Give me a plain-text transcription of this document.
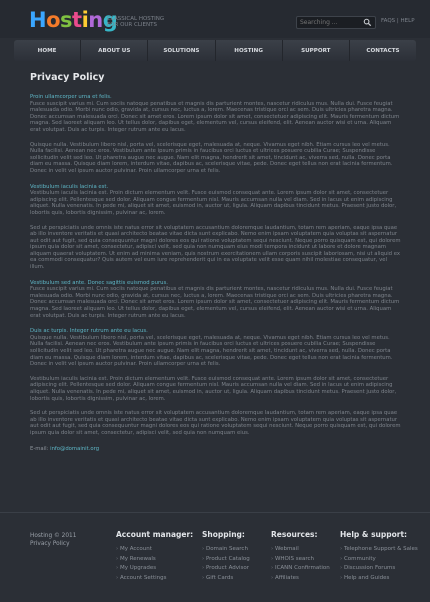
Hosting
CLASSICAL HOSTING
FOR OUR CLIENTS
Searching ...
FAQS | HELP
HOME	ABOUT US	SOLUTIONS	HOSTING	SUPPORT	CONTACTS
Privacy Policy

Proin ullamcorper urna et felis.

Fusce suscipit varius mi. Cum sociis natoque penatibus et magnis dis parturient montes, nascetur ridiculus mus. Nulla dui. Fusce feugiat malesuada odio. Morbi nunc odio, gravida at, cursus nec, luctus a, lorem. Maecenas tristique orci ac sem. Duis ultricies pharetra magna. Donec accumsan malesuada orci. Donec sit amet eros. Lorem ipsum dolor sit amet, consectetuer adipiscing elit. Mauris fermentum dictum magna. Sed laoreet aliquam leo. Ut tellus dolor, dapibus eget, elementum vel, cursus eleifend, elit. Aenean auctor wisi et urna. Aliquam erat volutpat. Duis ac turpis. Integer rutrum ante eu lacus.

Quisque nulla. Vestibulum libero nisl, porta vel, scelerisque eget, malesuada at, neque. Vivamus eget nibh. Etiam cursus leo vel metus. Nulla facilisi. Aenean nec eros. Vestibulum ante ipsum primis in faucibus orci luctus et ultrices posuere cubilia Curae; Suspendisse sollicitudin velit sed leo. Ut pharetra augue nec augue. Nam elit magna, hendrerit sit amet, tincidunt ac, viverra sed, nulla. Donec porta diam eu massa. Quisque diam lorem, interdum vitae, dapibus ac, scelerisque vitae, pede. Donec eget tellus non erat lacinia fermentum. Donec in velit vel ipsum auctor pulvinar. Proin ullamcorper urna et felis.

Vestibulum iaculis lacinia est.

Vestibulum iaculis lacinia est. Proin dictum elementum velit. Fusce euismod consequat ante. Lorem ipsum dolor sit amet, consectetuer adipiscing elit. Pellentesque sed dolor. Aliquam congue fermentum nisl. Mauris accumsan nulla vel diam. Sed in lacus ut enim adipiscing aliquet. Nulla venenatis. In pede mi, aliquet sit amet, euismod in, auctor ut, ligula. Aliquam dapibus tincidunt metus. Praesent justo dolor, lobortis quis, lobortis dignissim, pulvinar ac, lorem.

Sed ut perspiciatis unde omnis iste natus error sit voluptatem accusantium doloremque laudantium, totam rem aperiam, eaque ipsa quae ab illo inventore veritatis et quasi architecto beatae vitae dicta sunt explicabo. Nemo enim ipsam voluptatem quia voluptas sit aspernatur aut odit aut fugit, sed quia consequuntur magni dolores eos qui ratione voluptatem sequi nesciunt. Neque porro quisquam est, qui dolorem ipsum quia dolor sit amet, consectetur, adipisci velit, sed quia non numquam eius modi tempora incidunt ut labore et dolore magnam aliquam quaerat voluptatem. Ut enim ad minima veniam, quis nostrum exercitationem ullam corporis suscipit laboriosam, nisi ut aliquid ex ea commodi consequatur? Quis autem vel eum iure reprehenderit qui in ea voluptate velit esse quam nihil molestiae consequatur, vel illum.

Vestibulum sed ante. Donec sagittis euismod purus.

Fusce suscipit varius mi. Cum sociis natoque penatibus et magnis dis parturient montes, nascetur ridiculus mus. Nulla dui. Fusce feugiat malesuada odio. Morbi nunc odio, gravida at, cursus nec, luctus a, lorem. Maecenas tristique orci ac sem. Duis ultricies pharetra magna. Donec accumsan malesuada orci. Donec sit amet eros. Lorem ipsum dolor sit amet, consectetuer adipiscing elit. Mauris fermentum dictum magna. Sed laoreet aliquam leo. Ut tellus dolor, dapibus eget, elementum vel, cursus eleifend, elit. Aenean auctor wisi et urna. Aliquam erat volutpat. Duis ac turpis. Integer rutrum ante eu lacus.

Duis ac turpis. Integer rutrum ante eu lacus.

Quisque nulla. Vestibulum libero nisl, porta vel, scelerisque eget, malesuada at, neque. Vivamus eget nibh. Etiam cursus leo vel metus. Nulla facilisi. Aenean nec eros. Vestibulum ante ipsum primis in faucibus orci luctus et ultrices posuere cubilia Curae; Suspendisse sollicitudin velit sed leo. Ut pharetra augue nec augue. Nam elit magna, hendrerit sit amet, tincidunt ac, viverra sed, nulla. Donec porta diam eu massa. Quisque diam lorem, interdum vitae, dapibus ac, scelerisque vitae, pede. Donec eget tellus non erat lacinia fermentum. Donec in velit vel ipsum auctor pulvinar. Proin ullamcorper urna et felis.

Vestibulum iaculis lacinia est. Proin dictum elementum velit. Fusce euismod consequat ante. Lorem ipsum dolor sit amet, consectetuer adipiscing elit. Pellentesque sed dolor. Aliquam congue fermentum nisl. Mauris accumsan nulla vel diam. Sed in lacus ut enim adipiscing aliquet. Nulla venenatis. In pede mi, aliquet sit amet, euismod in, auctor ut, ligula. Aliquam dapibus tincidunt metus. Praesent justo dolor, lobortis quis, lobortis dignissim, pulvinar ac, lorem.

Sed ut perspiciatis unde omnis iste natus error sit voluptatem accusantium doloremque laudantium, totam rem aperiam, eaque ipsa quae ab illo inventore veritatis et quasi architecto beatae vitae dicta sunt explicabo. Nemo enim ipsam voluptatem quia voluptas sit aspernatur aut odit aut fugit, sed quia consequuntur magni dolores eos qui ratione voluptatem sequi nesciunt. Neque porro quisquam est, qui dolorem ipsum quia dolor sit amet, consectetur, adipisci velit, sed quia non numquam eius.

E-mail: info@domainit.org
Hosting © 2011
Privacy Policy
Account manager:
› My Account
› My Renewals
› My Upgrades
› Account Settings
Shopping:
› Domain Search
› Product Catalog
› Product Advisor
› Gift Cards
Resources:
› Webmail
› WHOIS search
› ICANN Confirmation
› Affiliates
Help & support:
› Telephone Support & Sales
› Community
› Discussion Forums
› Help and Guides
